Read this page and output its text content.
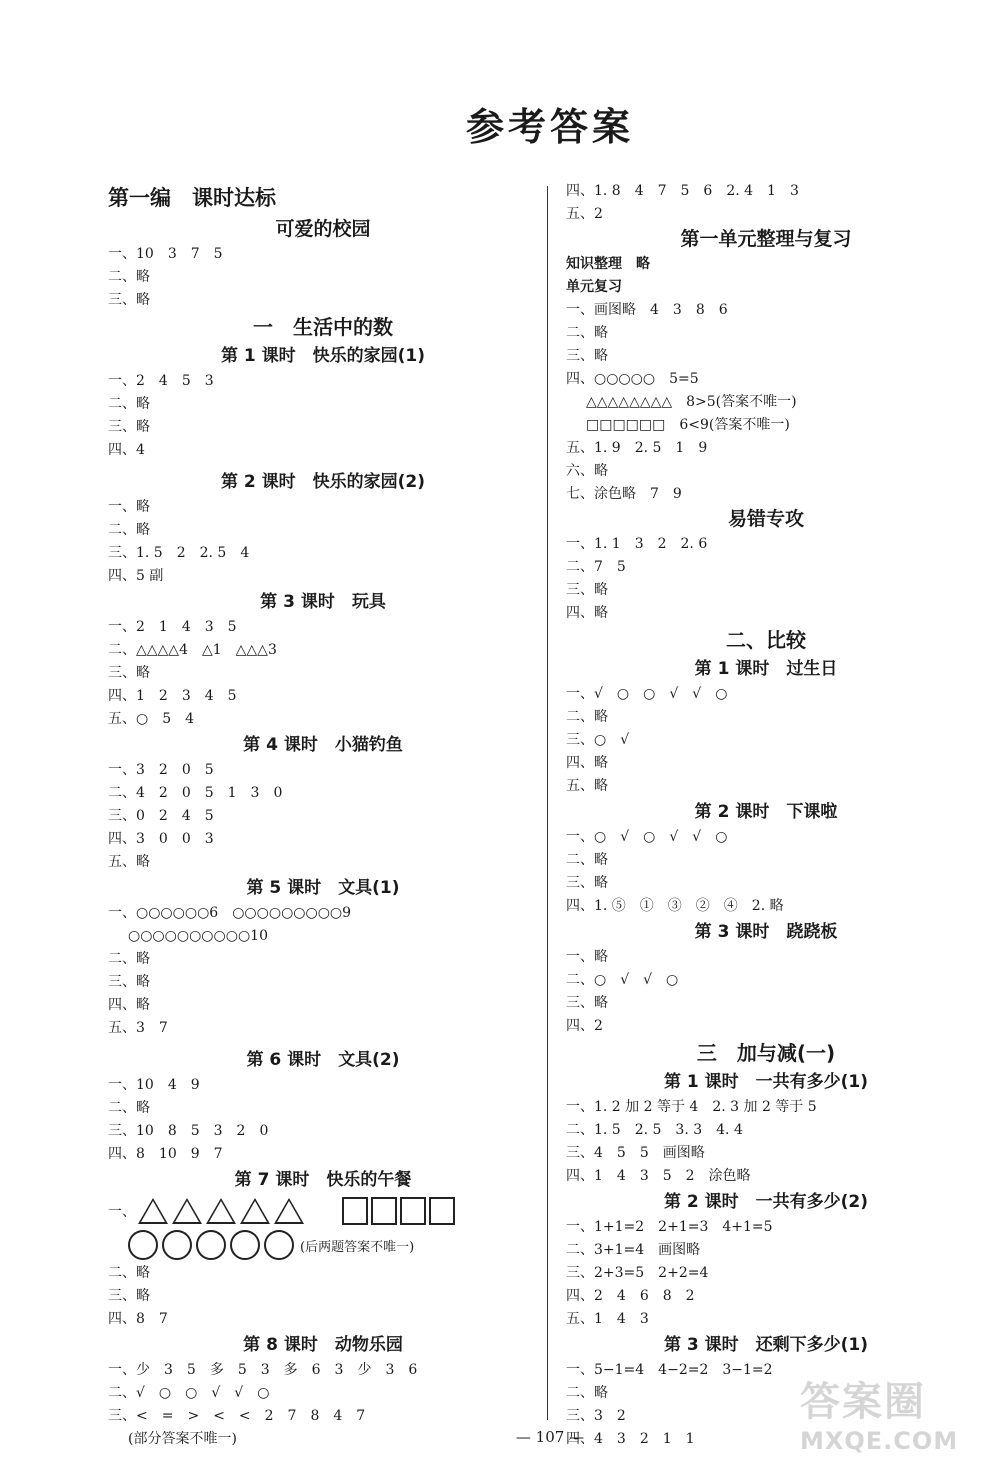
参考答案
第一编　课时达标
可爱的校园
一、10　3　7　5
二、略
三、略
一　生活中的数
第 1 课时　快乐的家园(1)
一、2　4　5　3
二、略
三、略
四、4
第 2 课时　快乐的家园(2)
一、略
二、略
三、1. 5　2　2. 5　4
四、5 副
第 3 课时　玩具
一、2　1　4　3　5
二、△△△△4　△1　△△△3
三、略
四、1　2　3　4　5
五、○　5　4
第 4 课时　小猫钓鱼
一、3　2　0　5
二、4　2　0　5　1　3　0
三、0　2　4　5
四、3　0　0　3
五、略
第 5 课时　文具(1)
一、○○○○○○6　○○○○○○○○○9
○○○○○○○○○○10
二、略
三、略
四、略
五、3　7
第 6 课时　文具(2)
一、10　4　9
二、略
三、10　8　5　3　2　0
四、8　10　9　7
第 7 课时　快乐的午餐
一、
(后两题答案不唯一)
二、略
三、略
四、8　7
第 8 课时　动物乐园
一、少　3　5　多　5　3　多　6　3　少　3　6
二、√　○　○　√　√　○
三、<　=　>　<　<　2　7　8　4　7
(部分答案不唯一)
四、1. 8　4　7　5　6　2. 4　1　3
五、2
第一单元整理与复习
知识整理　略
单元复习
一、画图略　4　3　8　6
二、略
三、略
四、○○○○○　5=5
△△△△△△△△　8>5(答案不唯一)
□□□□□□　6<9(答案不唯一)
五、1. 9　2. 5　1　9
六、略
七、涂色略　7　9
易错专攻
一、1. 1　3　2　2. 6
二、7　5
三、略
四、略
二、比较
第 1 课时　过生日
一、√　○　○　√　√　○
二、略
三、○　√
四、略
五、略
第 2 课时　下课啦
一、○　√　○　√　√　○
二、略
三、略
四、1. ⑤　①　③　②　④　2. 略
第 3 课时　跷跷板
一、略
二、○　√　√　○
三、略
四、2
三　加与减(一)
第 1 课时　一共有多少(1)
一、1. 2 加 2 等于 4　2. 3 加 2 等于 5
二、1. 5　2. 5　3. 3　4. 4
三、4　5　5　画图略
四、1　4　3　5　2　涂色略
第 2 课时　一共有多少(2)
一、1+1=2　2+1=3　4+1=5
二、3+1=4　画图略
三、2+3=5　2+2=4
四、2　4　6　8　2
五、1　4　3
第 3 课时　还剩下多少(1)
一、5−1=4　4−2=2　3−1=2
二、略
三、3　2
四、4　3　2　1　1
— 107 —
答案圈
MXQE.COM
